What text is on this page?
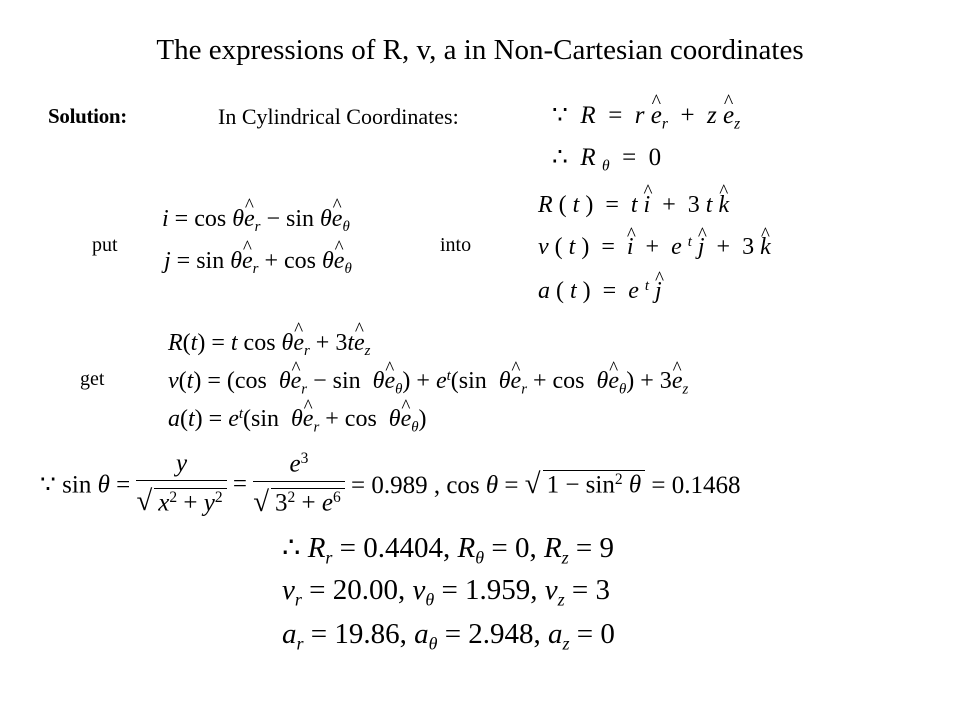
The expressions of R, v, a in Non-Cartesian coordinates
Solution:	In Cylindrical Coordinates:	∵  R  =  r ^ $e_r + z$ ^ $e_z$
∴  R $_\theta$  =  0
put
i = cos θ^ $e_r - \sin$ θ^ $e_\theta$
j = sin θ^ $e_r + \cos$ θ^ $e_\theta$
into
R ( t )  =  t ^ i  +  3 t ^ k
v ( t )  =  ^ i  +  e $^t$ ^ j  +  3 ^ k
a ( t )  =  e $^t$ ^ j
get
R(t) = t cos θ^ $e_r$ + 3t^ $e_z$
v(t) = (cos  θ^ $e_r - \sin$  θ^ $e_\theta) + e^t(\sin$  θ^ $e_r + \cos$  θ^ $e_\theta$) + 3^ $e_z$
$a(t) = e^t(\sin$  θ^ $e_r + \cos$  θ^ $e_\theta$)
∵ $\sin \theta = \frac{y}{√ x^2 + y^2} = \frac{e^3}{√ 3^2 + e^6} = 0.989$ , cos θ = √ $1 - \sin^2 \theta = 0.1468$
∴ $R_r = 0.4404$, $R_\theta = 0$, $R_z = 9$
$v_r = 20.00$, $v_\theta = 1.959$, $v_z = 3$
$a_r = 19.86$, $a_\theta = 2.948$, $a_z = 0$
